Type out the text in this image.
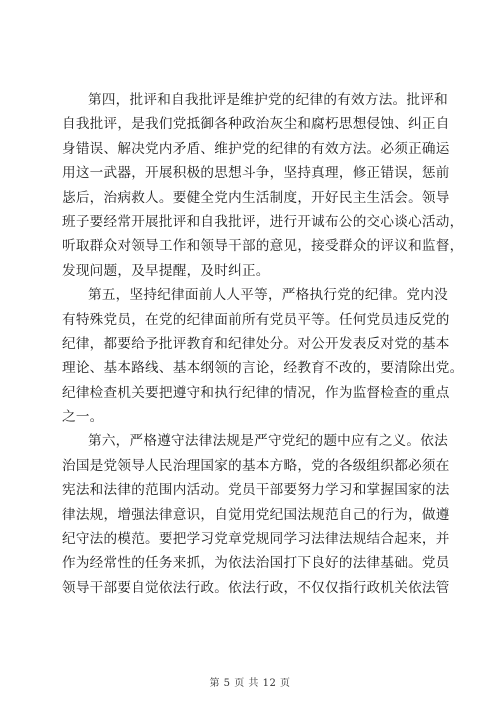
第四，批评和自我批评是维护党的纪律的有效方法。批评和
自我批评，是我们党抵御各种政治灰尘和腐朽思想侵蚀、纠正自
身错误、解决党内矛盾、维护党的纪律的有效方法。必须正确运
用这一武器，开展积极的思想斗争，坚持真理，修正错误，惩前
毖后，治病救人。要健全党内生活制度，开好民主生活会。领导
班子要经常开展批评和自我批评，进行开诚布公的交心谈心活动，
听取群众对领导工作和领导干部的意见，接受群众的评议和监督，
发现问题，及早提醒，及时纠正。
第五，坚持纪律面前人人平等，严格执行党的纪律。党内没
有特殊党员，在党的纪律面前所有党员平等。任何党员违反党的
纪律，都要给予批评教育和纪律处分。对公开发表反对党的基本
理论、基本路线、基本纲领的言论，经教育不改的，要清除出党。
纪律检查机关要把遵守和执行纪律的情况，作为监督检查的重点
之一。
第六，严格遵守法律法规是严守党纪的题中应有之义。依法
治国是党领导人民治理国家的基本方略，党的各级组织都必须在
宪法和法律的范围内活动。党员干部要努力学习和掌握国家的法
律法规，增强法律意识，自觉用党纪国法规范自己的行为，做遵
纪守法的模范。要把学习党章党规同学习法律法规结合起来，并
作为经常性的任务来抓，为依法治国打下良好的法律基础。党员
领导干部要自觉依法行政。依法行政，不仅仅指行政机关依法管
第 5 页 共 12 页
